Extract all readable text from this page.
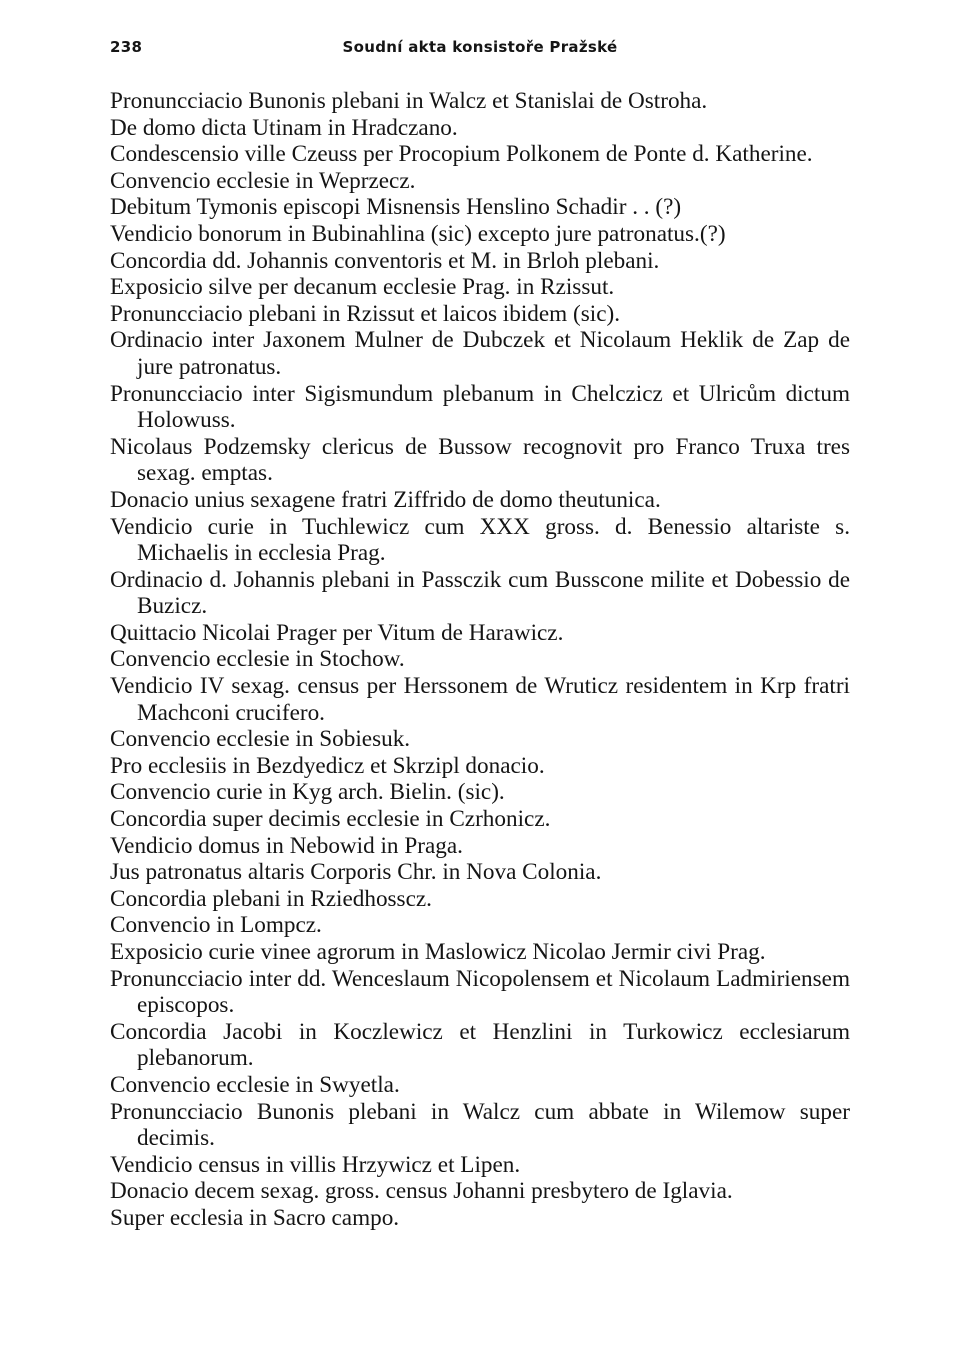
238	Soudní akta konsistoře Pražské
Pronuncciacio Bunonis plebani in Walcz et Stanislai de Ostroha.
De domo dicta Utinam in Hradczano.
Condescensio ville Czeuss per Procopium Polkonem de Ponte d. Katherine.
Convencio ecclesie in Weprzecz.
Debitum Tymonis episcopi Misnensis Henslino Schadir . . (?)
Vendicio bonorum in Bubinahlina (sic) excepto jure patronatus.(?)
Concordia dd. Johannis conventoris et M. in Brloh plebani.
Exposicio silve per decanum ecclesie Prag. in Rzissut.
Pronuncciacio plebani in Rzissut et laicos ibidem (sic).
Ordinacio inter Jaxonem Mulner de Dubczek et Nicolaum Heklik de Zap de jure patronatus.
Pronuncciacio inter Sigismundum plebanum in Chelczicz et Ulricům dictum Holowuss.
Nicolaus Podzemsky clericus de Bussow recognovit pro Franco Truxa tres sexag. emptas.
Donacio unius sexagene fratri Ziffrido de domo theutunica.
Vendicio curie in Tuchlewicz cum XXX gross. d. Benessio altariste s. Michaelis in ecclesia Prag.
Ordinacio d. Johannis plebani in Passczik cum Busscone milite et Dobessio de Buzicz.
Quittacio Nicolai Prager per Vitum de Harawicz.
Convencio ecclesie in Stochow.
Vendicio IV sexag. census per Herssonem de Wruticz residentem in Krp fratri Machconi crucifero.
Convencio ecclesie in Sobiesuk.
Pro ecclesiis in Bezdyedicz et Skrzipl donacio.
Convencio curie in Kyg arch. Bielin. (sic).
Concordia super decimis ecclesie in Czrhonicz.
Vendicio domus in Nebowid in Praga.
Jus patronatus altaris Corporis Chr. in Nova Colonia.
Concordia plebani in Rziedhossсz.
Convencio in Lompcz.
Exposicio curie vinee agrorum in Maslowicz Nicolao Jermir civi Prag.
Pronuncciacio inter dd. Wenceslaum Nicopolensem et Nicolaum Ladmiriensem episcopos.
Concordia Jacobi in Koczlewicz et Henzlini in Turkowicz ecclesiarum plebanorum.
Convencio ecclesie in Swyetla.
Pronuncciacio Bunonis plebani in Walcz cum abbate in Wilemow super decimis.
Vendicio census in villis Hrzywicz et Lipen.
Donacio decem sexag. gross. census Johanni presbytero de Iglavia.
Super ecclesia in Sacro campo.
